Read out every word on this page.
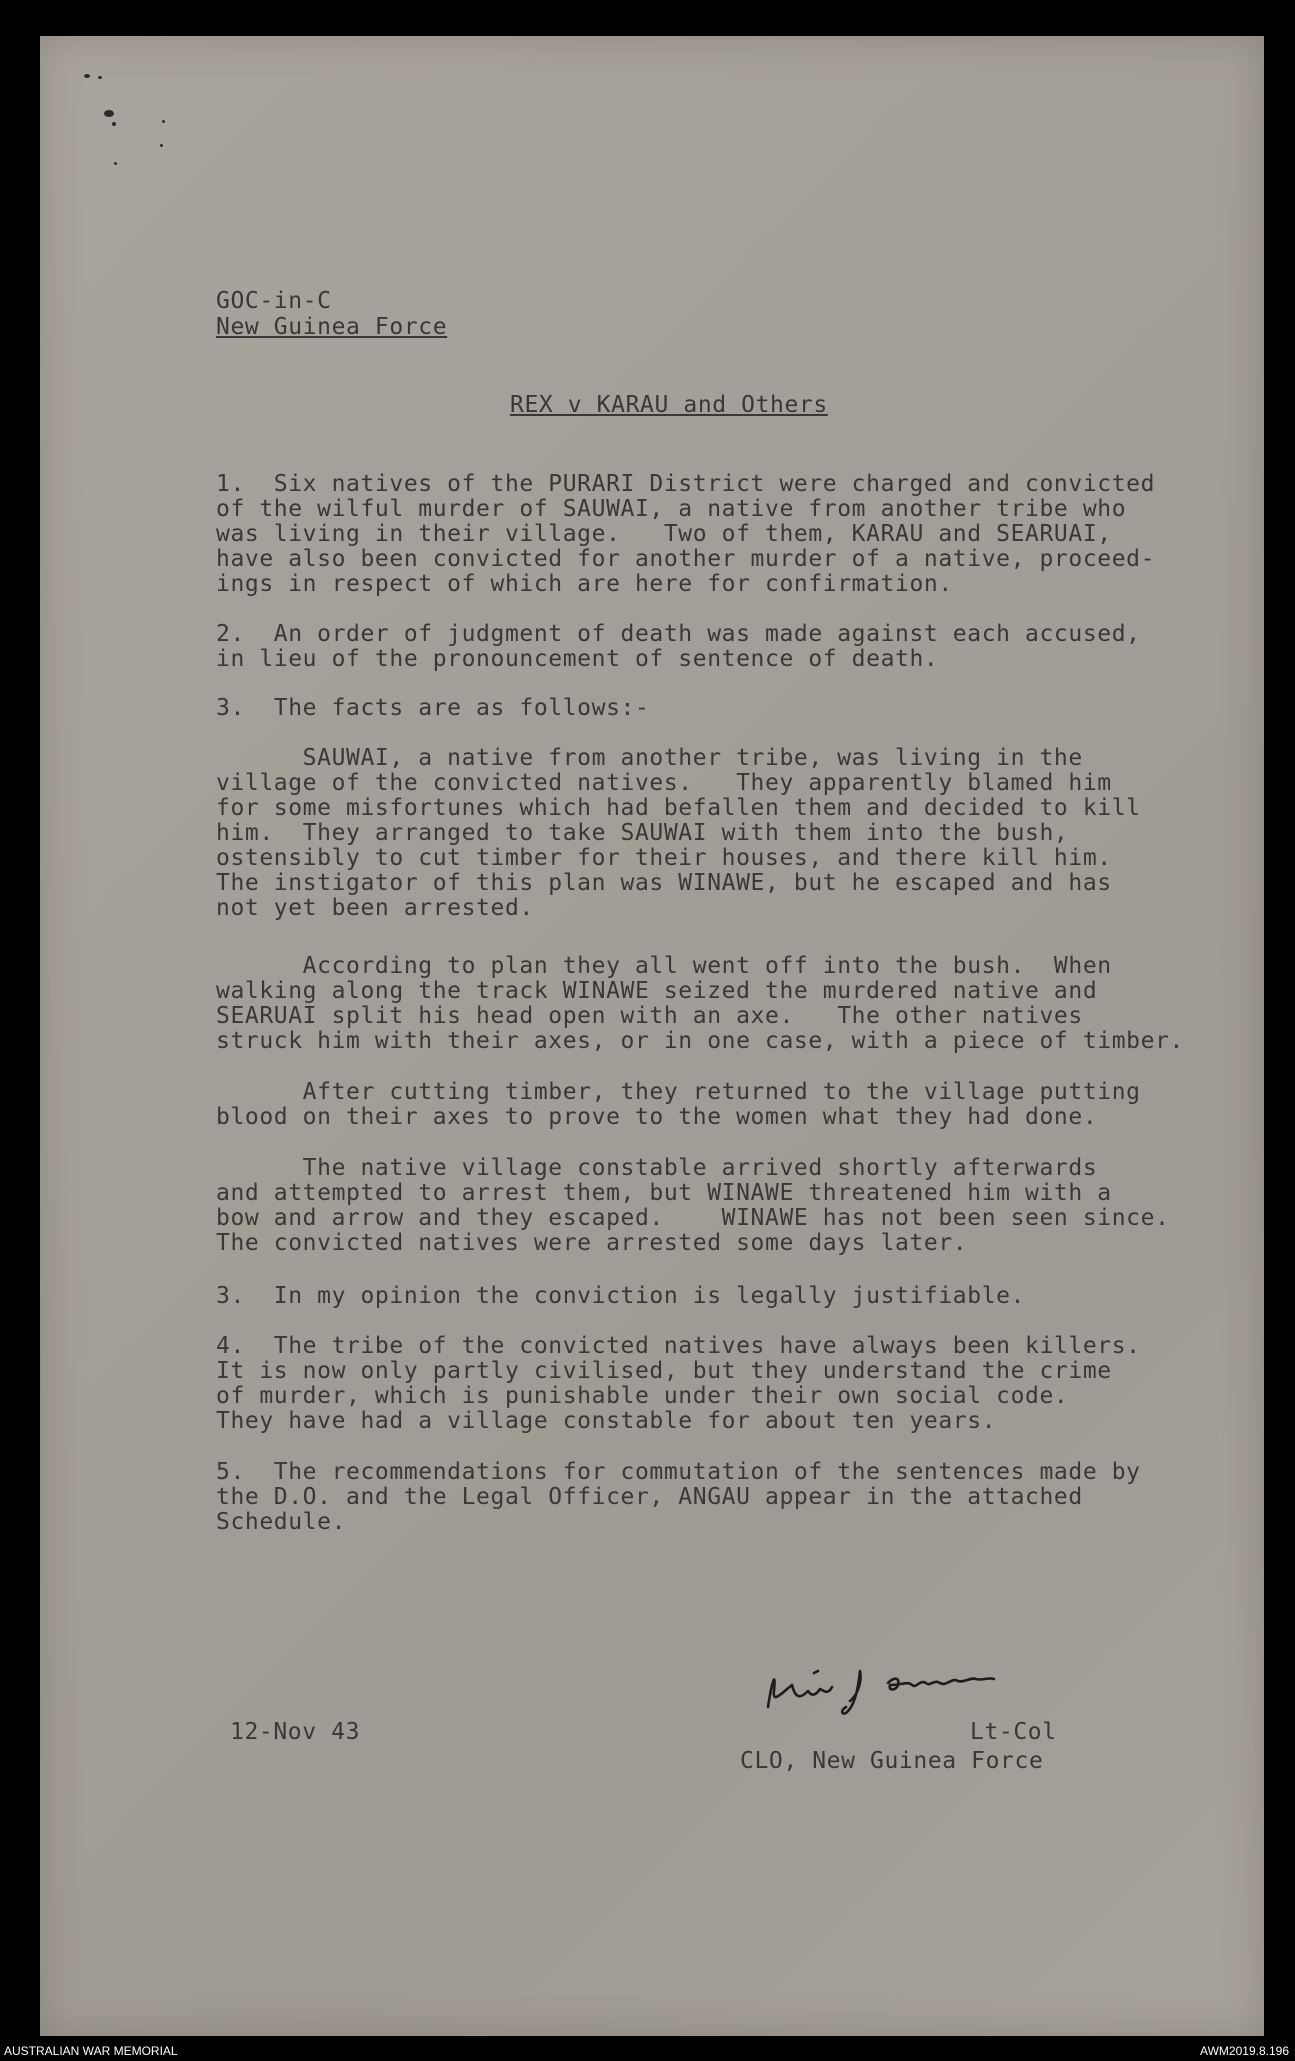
GOC-in-C
New Guinea Force
REX v KARAU and Others
1.  Six natives of the PURARI District were charged and convicted
of the wilful murder of SAUWAI, a native from another tribe who
was living in their village.   Two of them, KARAU and SEARUAI,
have also been convicted for another murder of a native, proceed-
ings in respect of which are here for confirmation.
2.  An order of judgment of death was made against each accused,
in lieu of the pronouncement of sentence of death.
3.  The facts are as follows:-
SAUWAI, a native from another tribe, was living in the
village of the convicted natives.   They apparently blamed him
for some misfortunes which had befallen them and decided to kill
him.  They arranged to take SAUWAI with them into the bush,
ostensibly to cut timber for their houses, and there kill him.
The instigator of this plan was WINAWE, but he escaped and has
not yet been arrested.
According to plan they all went off into the bush.  When
walking along the track WINAWE seized the murdered native and
SEARUAI split his head open with an axe.   The other natives
struck him with their axes, or in one case, with a piece of timber.
After cutting timber, they returned to the village putting
blood on their axes to prove to the women what they had done.
The native village constable arrived shortly afterwards
and attempted to arrest them, but WINAWE threatened him with a
bow and arrow and they escaped.    WINAWE has not been seen since.
The convicted natives were arrested some days later.
3.  In my opinion the conviction is legally justifiable.
4.  The tribe of the convicted natives have always been killers.
It is now only partly civilised, but they understand the crime
of murder, which is punishable under their own social code.
They have had a village constable for about ten years.
5.  The recommendations for commutation of the sentences made by
the D.O. and the Legal Officer, ANGAU appear in the attached
Schedule.
12-Nov 43	Lt-Col
CLO, New Guinea Force
AUSTRALIAN WAR MEMORIAL	AWM2019.8.196
